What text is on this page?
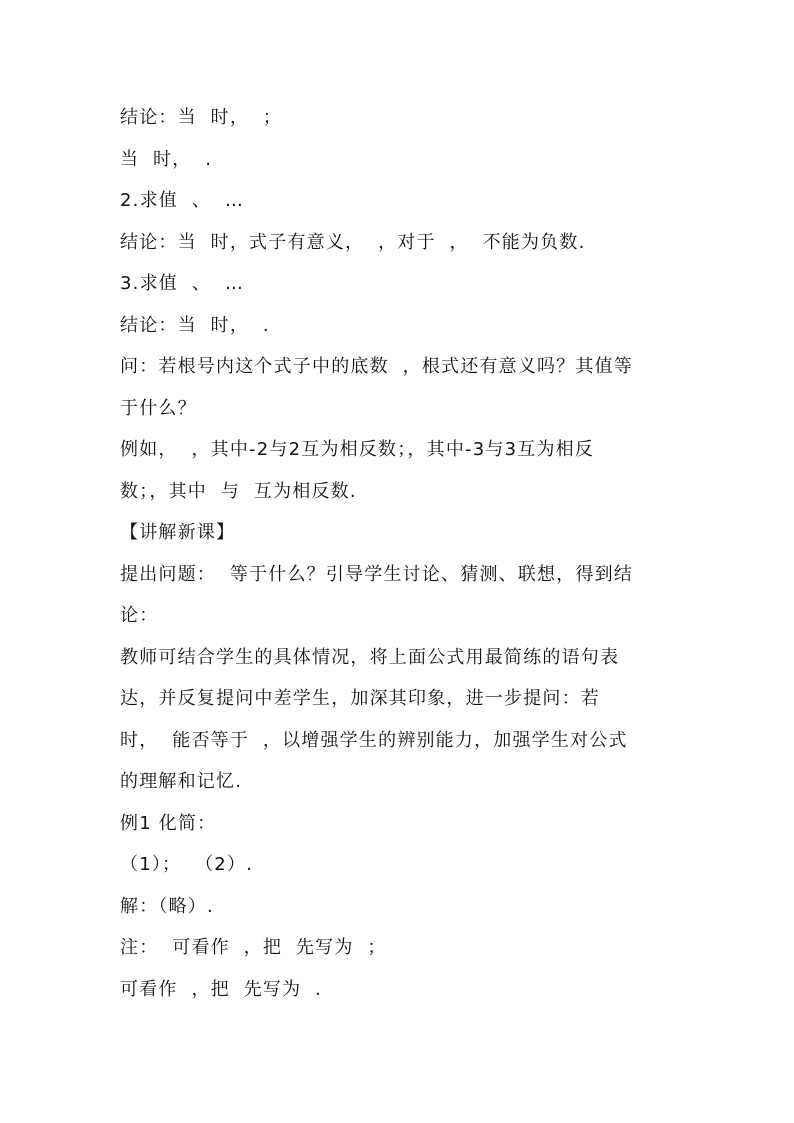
结论：当  时，  ；
当  时，  .
2.求值  、  …
结论：当  时，式子有意义，  ，对于  ，  不能为负数.
3.求值  、  …
结论：当  时，  .
问：若根号内这个式子中的底数  ，根式还有意义吗？其值等
于什么？
例如，  ，其中-2与2互为相反数；，其中-3与3互为相反
数；，其中  与  互为相反数.
【讲解新课】
提出问题：  等于什么？引导学生讨论、猜测、联想，得到结
论：
教师可结合学生的具体情况，将上面公式用最简练的语句表
达，并反复提问中差学生，加深其印象，进一步提问：若
时，  能否等于  ，以增强学生的辨别能力，加强学生对公式
的理解和记忆.
例1 化简：
（1）；  （2）.
解：（略）.
注：  可看作  ，把  先写为  ；
可看作  ，把  先写为  .
